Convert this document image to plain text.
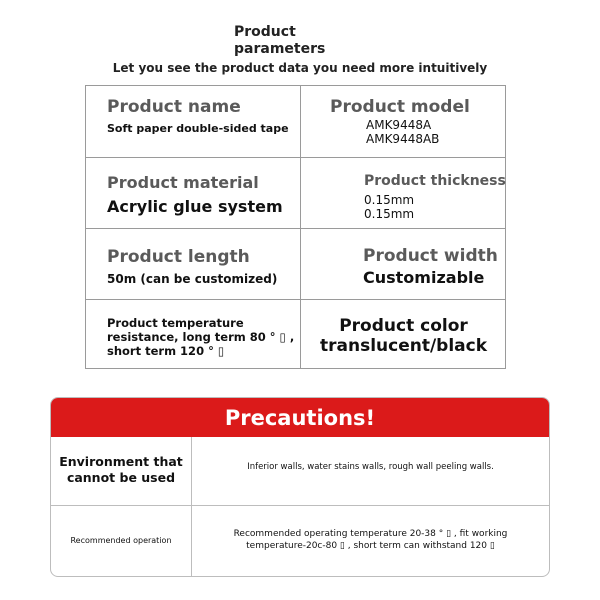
Product
parameters
Let you see the product data you need more intuitively
Product name
Soft paper double-sided tape
Product model
AMK9448A
AMK9448AB
Product material
Acrylic glue system
Product thickness
0.15mm
0.15mm
Product length
50m (can be customized)
Product width
Customizable
Product temperature
resistance, long term 80 ° ▯ ,
short term 120 ° ▯
Product color
translucent/black
Precautions!
Environment that
cannot be used
Inferior walls, water stains walls, rough wall peeling walls.
Recommended operation
Recommended operating temperature 20-38 ° ▯ , fit working
temperature-20c-80 ▯ , short term can withstand 120 ▯
